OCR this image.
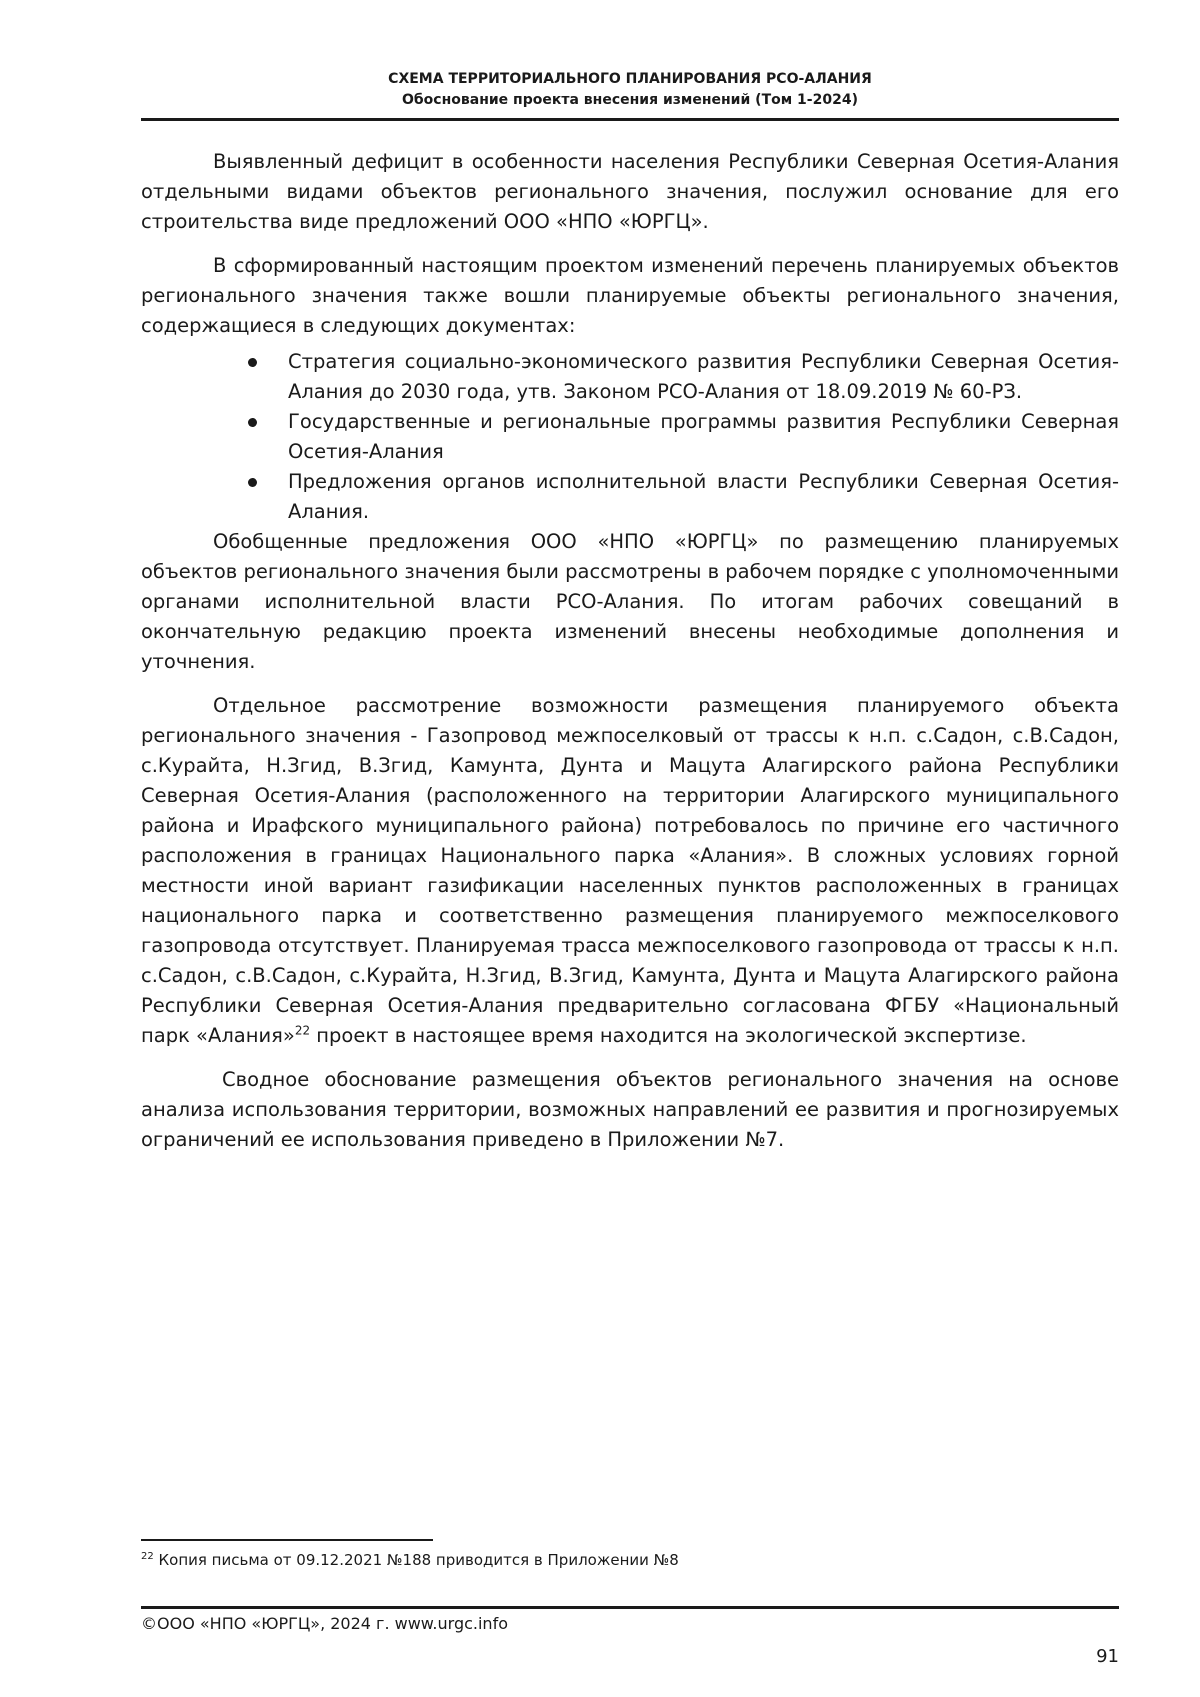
СХЕМА ТЕРРИТОРИАЛЬНОГО ПЛАНИРОВАНИЯ РСО-АЛАНИЯ
Обоснование проекта внесения изменений (Том 1-2024)

Выявленный дефицит в особенности населения Республики Северная Осетия-Алания отдельными видами объектов регионального значения, послужил основание для его строительства виде предложений ООО «НПО «ЮРГЦ».

В сформированный настоящим проектом изменений перечень планируемых объектов регионального значения также вошли планируемые объекты регионального значения, содержащиеся в следующих документах:

Стратегия социально-экономического развития Республики Северная Осетия-Алания до 2030 года, утв. Законом РСО-Алания от 18.09.2019 № 60-РЗ.
Государственные и региональные программы развития Республики Северная Осетия-Алания
Предложения органов исполнительной власти Республики Северная Осетия-Алания.

Обобщенные предложения ООО «НПО «ЮРГЦ» по размещению планируемых объектов регионального значения были рассмотрены в рабочем порядке с уполномоченными органами исполнительной власти РСО-Алания. По итогам рабочих совещаний в окончательную редакцию проекта изменений внесены необходимые дополнения и уточнения.

Отдельное рассмотрение возможности размещения планируемого объекта регионального значения - Газопровод межпоселковый от трассы к н.п. с.Садон, с.В.Садон, с.Курайта, Н.Згид, В.Згид, Камунта, Дунта и Мацута Алагирского района Республики Северная Осетия-Алания (расположенного на территории Алагирского муниципального района и Ирафского муниципального района) потребовалось по причине его частичного расположения в границах Национального парка «Алания». В сложных условиях горной местности иной вариант газификации населенных пунктов расположенных в границах национального парка и соответственно размещения планируемого межпоселкового газопровода отсутствует. Планируемая трасса межпоселкового газопровода от трассы к н.п. с.Садон, с.В.Садон, с.Курайта, Н.Згид, В.Згид, Камунта, Дунта и Мацута Алагирского района Республики Северная Осетия-Алания предварительно согласована ФГБУ «Национальный парк «Алания»$^{22}$ проект в настоящее время находится на экологической экспертизе.

Сводное обоснование размещения объектов регионального значения на основе анализа использования территории, возможных направлений ее развития и прогнозируемых ограничений ее использования приведено в Приложении №7.

$^{22}$ Копия письма от 09.12.2021 №188 приводится в Приложении №8
©ООО «НПО «ЮРГЦ», 2024 г. www.urgc.info
91
